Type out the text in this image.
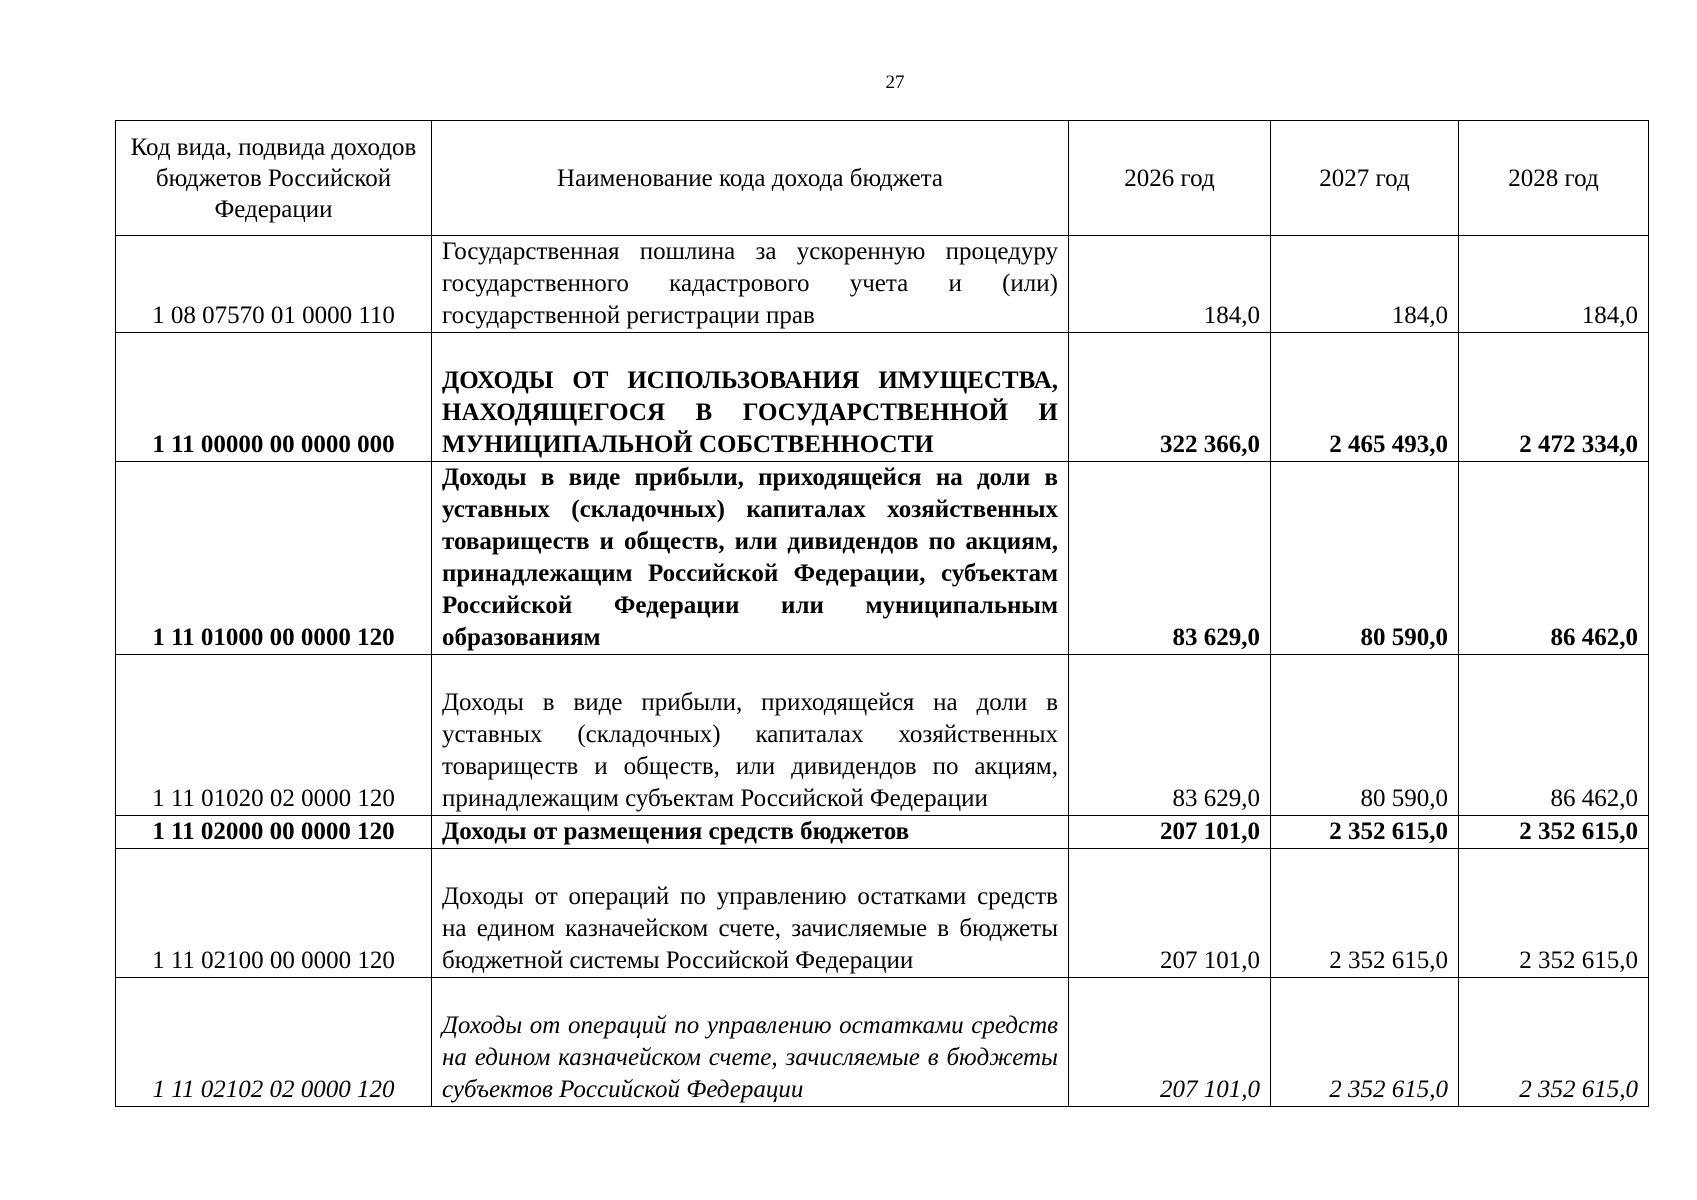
27
Код вида, подвида доходов бюджетов Российской Федерации	Наименование кода дохода бюджета	2026 год	2027 год	2028 год
1 08 07570 01 0000 110	Государственная пошлина за ускоренную процедуру государственного кадастрового учета и (или) государственной регистрации прав	184,0	184,0	184,0
1 11 00000 00 0000 000	ДОХОДЫ ОТ ИСПОЛЬЗОВАНИЯ ИМУЩЕСТВА, НАХОДЯЩЕГОСЯ В ГОСУДАРСТВЕННОЙ И МУНИЦИПАЛЬНОЙ СОБСТВЕННОСТИ	322 366,0	2 465 493,0	2 472 334,0
1 11 01000 00 0000 120	Доходы в виде прибыли, приходящейся на доли в уставных (складочных) капиталах хозяйственных товариществ и обществ, или дивидендов по акциям, принадлежащим Российской Федерации, субъектам Российской Федерации или муниципальным образованиям	83 629,0	80 590,0	86 462,0
1 11 01020 02 0000 120	Доходы в виде прибыли, приходящейся на доли в уставных (складочных) капиталах хозяйственных товариществ и обществ, или дивидендов по акциям, принадлежащим субъектам Российской Федерации	83 629,0	80 590,0	86 462,0
1 11 02000 00 0000 120	Доходы от размещения средств бюджетов	207 101,0	2 352 615,0	2 352 615,0
1 11 02100 00 0000 120	Доходы от операций по управлению остатками средств на едином казначейском счете, зачисляемые в бюджеты бюджетной системы Российской Федерации	207 101,0	2 352 615,0	2 352 615,0
1 11 02102 02 0000 120	Доходы от операций по управлению остатками средств на едином казначейском счете, зачисляемые в бюджеты субъектов Российской Федерации	207 101,0	2 352 615,0	2 352 615,0
